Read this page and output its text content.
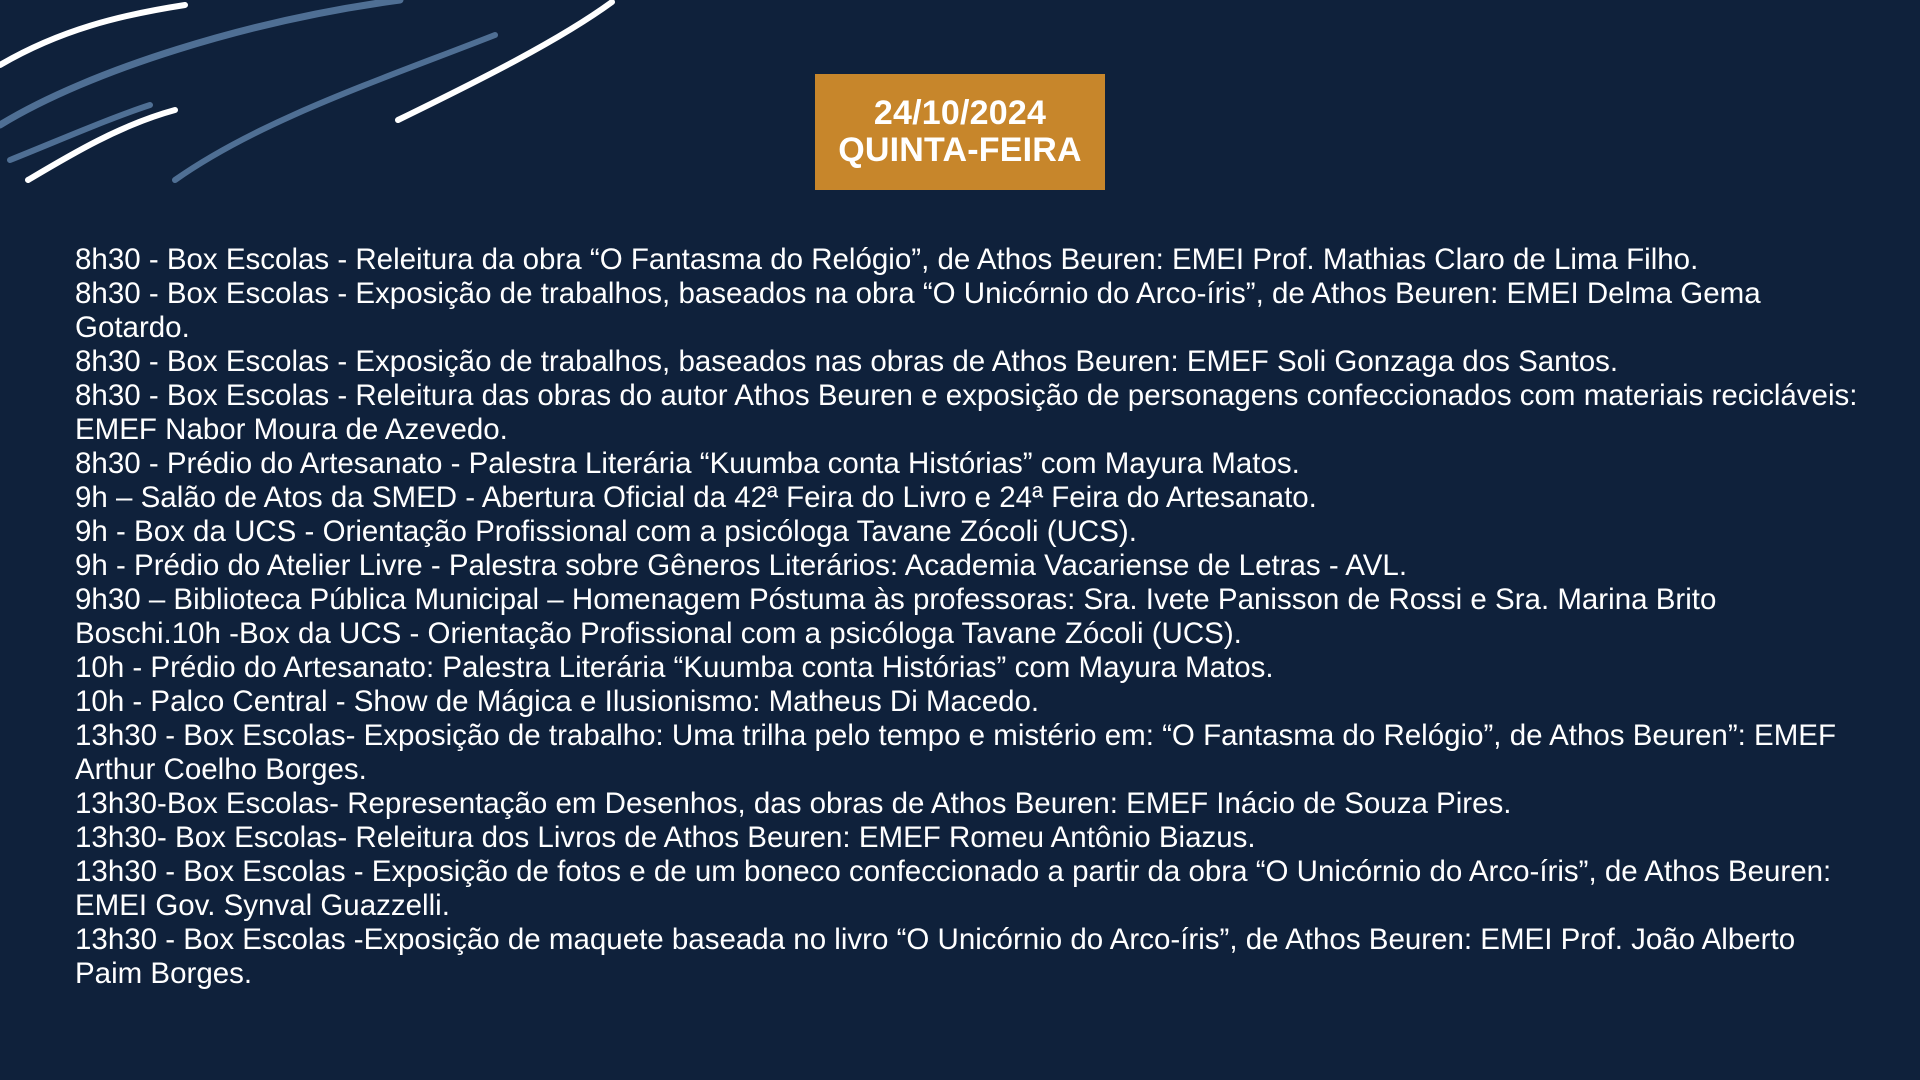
24/10/2024
QUINTA-FEIRA
8h30 - Box Escolas - Releitura da obra “O Fantasma do Relógio”, de Athos Beuren: EMEI Prof. Mathias Claro de Lima Filho.
8h30 - Box Escolas - Exposição de trabalhos, baseados na obra “O Unicórnio do Arco-íris”, de Athos Beuren: EMEI Delma Gema Gotardo.
8h30 - Box Escolas - Exposição de trabalhos, baseados nas obras de Athos Beuren: EMEF Soli Gonzaga dos Santos.
8h30 - Box Escolas - Releitura das obras do autor Athos Beuren e exposição de personagens confeccionados com materiais recicláveis: EMEF Nabor Moura de Azevedo.
8h30 - Prédio do Artesanato - Palestra Literária “Kuumba conta Histórias” com Mayura Matos.
9h – Salão de Atos da SMED - Abertura Oficial da 42ª Feira do Livro e 24ª Feira do Artesanato.
9h - Box da UCS - Orientação Profissional com a psicóloga Tavane Zócoli (UCS).
9h - Prédio do Atelier Livre - Palestra sobre Gêneros Literários: Academia Vacariense de Letras - AVL.
9h30 – Biblioteca Pública Municipal – Homenagem Póstuma às professoras: Sra. Ivete Panisson de Rossi e Sra. Marina Brito Boschi.10h -Box da UCS - Orientação Profissional com a psicóloga Tavane Zócoli (UCS).
10h - Prédio do Artesanato: Palestra Literária “Kuumba conta Histórias” com Mayura Matos.
10h - Palco Central - Show de Mágica e Ilusionismo: Matheus Di Macedo.
13h30 - Box Escolas- Exposição de trabalho: Uma trilha pelo tempo e mistério em: “O Fantasma do Relógio”, de Athos Beuren”: EMEF Arthur Coelho Borges.
13h30-Box Escolas- Representação em Desenhos, das obras de Athos Beuren: EMEF Inácio de Souza Pires.
13h30- Box Escolas- Releitura dos Livros de Athos Beuren: EMEF Romeu Antônio Biazus.
13h30 - Box Escolas - Exposição de fotos e de um boneco confeccionado a partir da obra “O Unicórnio do Arco-íris”, de Athos Beuren: EMEI Gov. Synval Guazzelli.
13h30 - Box Escolas -Exposição de maquete baseada no livro “O Unicórnio do Arco-íris”, de Athos Beuren: EMEI Prof. João Alberto Paim Borges.
